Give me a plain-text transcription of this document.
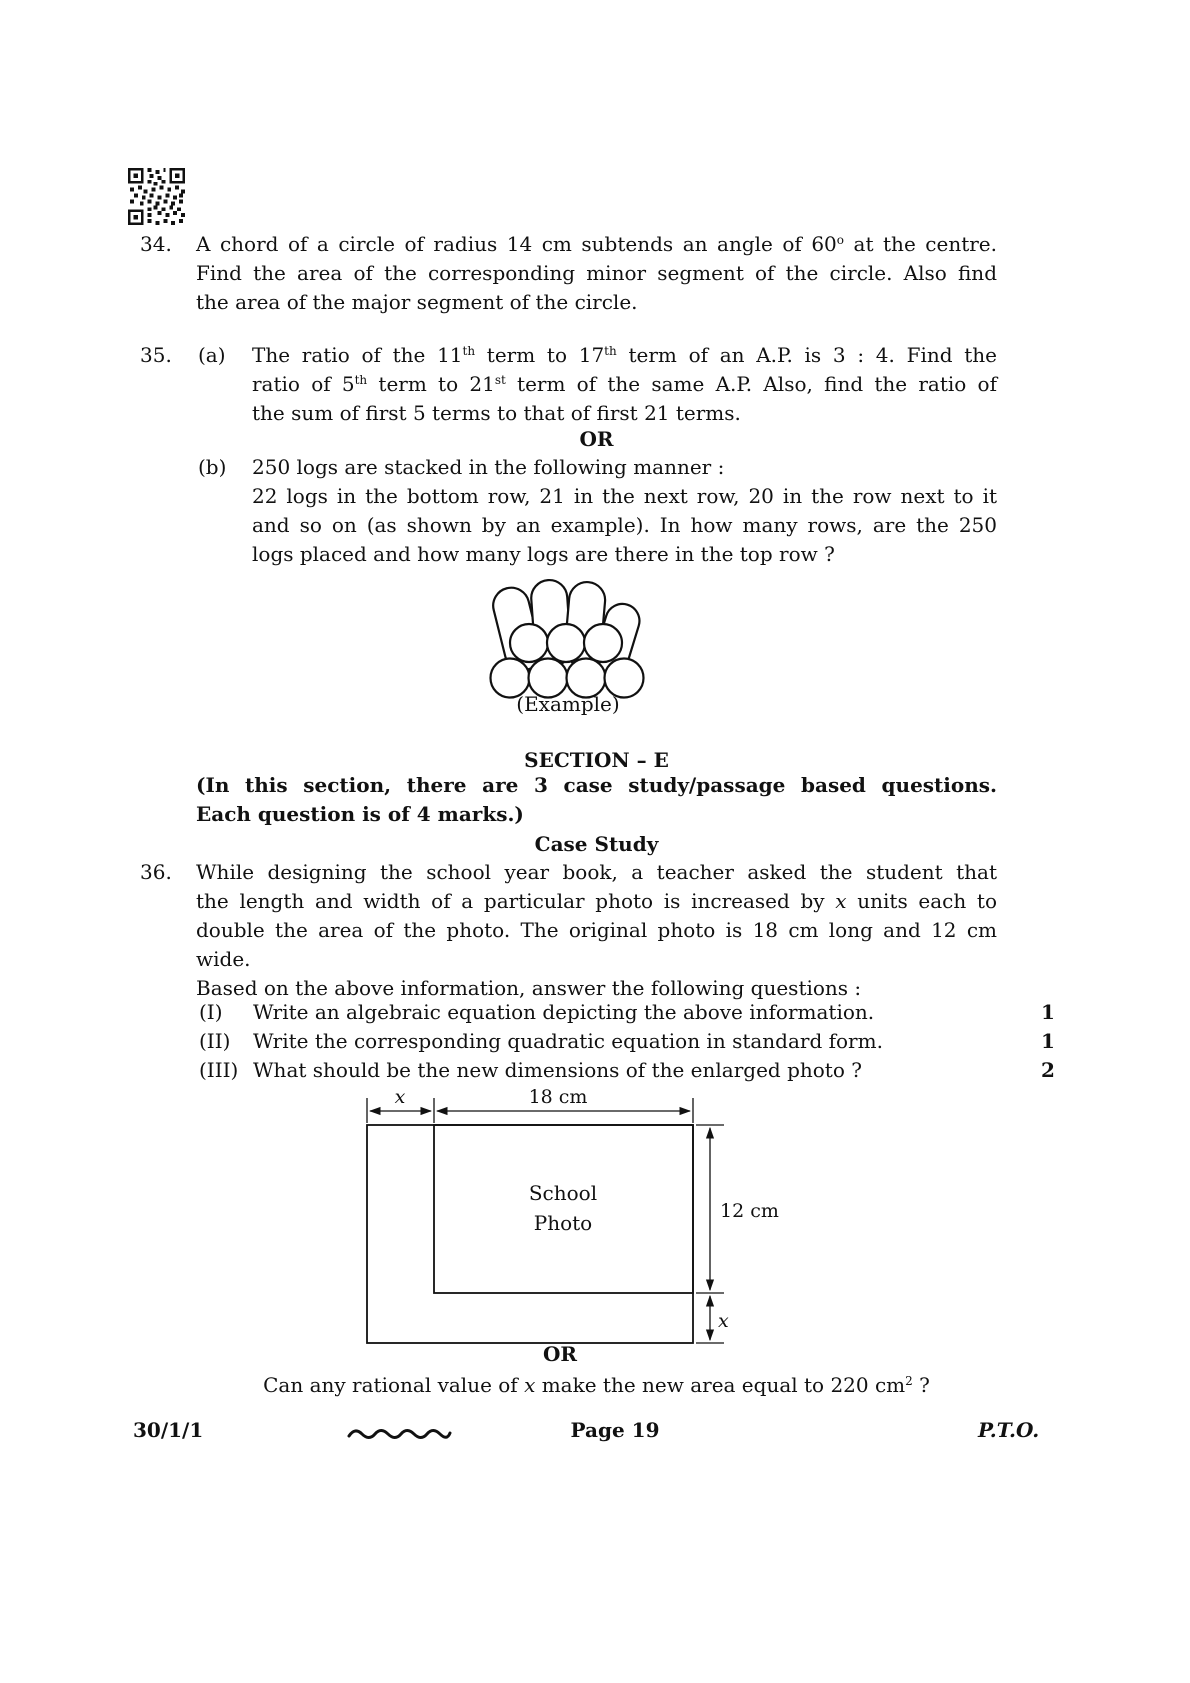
34. A chord of a circle of radius 14 cm subtends an angle of 60$^o$ at the centre.
Find the area of the corresponding minor segment of the circle. Also find
the area of the major segment of the circle.
35. (a) The ratio of the 11th term to 17th term of an A.P. is 3 : 4. Find the
ratio of 5th term to 21st term of the same A.P. Also, find the ratio of
the sum of first 5 terms to that of first 21 terms.
OR
(b) 250 logs are stacked in the following manner :
22 logs in the bottom row, 21 in the next row, 20 in the row next to it
and so on (as shown by an example). In how many rows, are the 250
logs placed and how many logs are there in the top row ?
(Example)
SECTION – E
(In this section, there are 3 case study/passage based questions.
Each question is of 4 marks.)
Case Study
36. While designing the school year book, a teacher asked the student that
the length and width of a particular photo is increased by x units each to
double the area of the photo. The original photo is 18 cm long and 12 cm
wide.
Based on the above information, answer the following questions :
(I) Write an algebraic equation depicting the above information.	1
(II) Write the corresponding quadratic equation in standard form.	1
(III) What should be the new dimensions of the enlarged photo ?	2
x	18 cm
12 cm
x
School
Photo
OR
Can any rational value of x make the new area equal to 220 $cm^2$ ?
30/1/1	Page 19	P.T.O.
